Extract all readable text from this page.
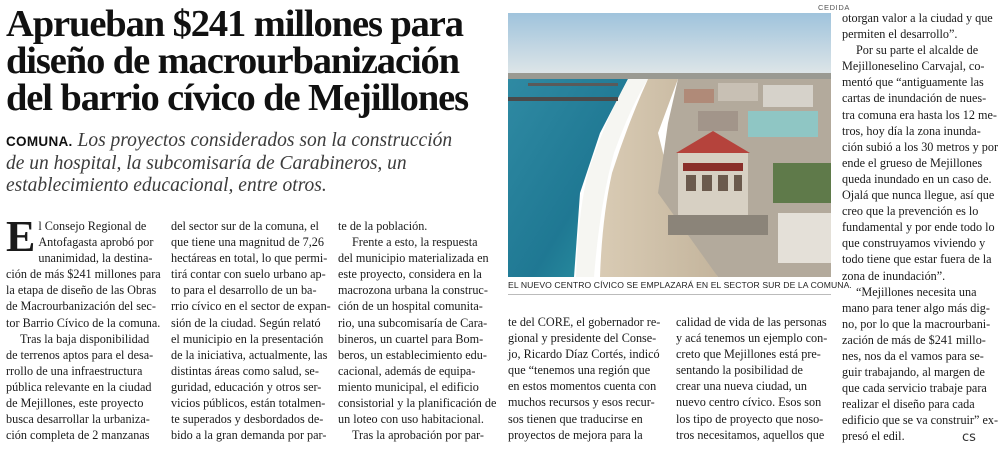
Aprueban $241 millones para
diseño de macrourbanización
del barrio cívico de Mejillones
COMUNA. Los proyectos considerados son la construcción
de un hospital, la subcomisaría de Carabineros, un
establecimiento educacional, entre otros.
CEDIDA
EL NUEVO CENTRO CÍVICO SE EMPLAZARÁ EN EL SECTOR SUR DE LA COMUNA.
E l Consejo Regional de

Antofagasta aprobó por

unanimidad, la destina-

ción de más $241 millones para

la etapa de diseño de las Obras

de Macrourbanización del sec-

tor Barrio Cívico de la comuna.

Tras la baja disponibilidad

de terrenos aptos para el desa-

rrollo de una infraestructura

pública relevante en la ciudad

de Mejillones, este proyecto

busca desarrollar la urbaniza-

ción completa de 2 manzanas

del sector sur de la comuna, el

que tiene una magnitud de 7,26

hectáreas en total, lo que permi-

tirá contar con suelo urbano ap-

to para el desarrollo de un ba-

rrio cívico en el sector de expan-

sión de la ciudad. Según relató

el municipio en la presentación

de la iniciativa, actualmente, las

distintas áreas como salud, se-

guridad, educación y otros ser-

vicios públicos, están totalmen-

te superados y desbordados de-

bido a la gran demanda por par-

te de la población.

Frente a esto, la respuesta

del municipio materializada en

este proyecto, considera en la

macrozona urbana la construc-

ción de un hospital comunita-

rio, una subcomisaría de Cara-

bineros, un cuartel para Bom-

beros, un establecimiento edu-

cacional, además de equipa-

miento municipal, el edificio

consistorial y la planificación de

un loteo con uso habitacional.

Tras la aprobación por par-

te del CORE, el gobernador re-

gional y presidente del Conse-

jo, Ricardo Díaz Cortés, indicó

que “tenemos una región que

en estos momentos cuenta con

muchos recursos y esos recur-

sos tienen que traducirse en

proyectos de mejora para la

calidad de vida de las personas

y acá tenemos un ejemplo con-

creto que Mejillones está pre-

sentando la posibilidad de

crear una nueva ciudad, un

nuevo centro cívico. Esos son

los tipo de proyecto que noso-

tros necesitamos, aquellos que

otorgan valor a la ciudad y que

permiten el desarrollo”.

Por su parte el alcalde de

Mejilloneselino Carvajal, co-

mentó que “antiguamente las

cartas de inundación de nues-

tra comuna era hasta los 12 me-

tros, hoy día la zona inunda-

ción subió a los 30 metros y por

ende el grueso de Mejillones

queda inundado en un caso de.

Ojalá que nunca llegue, así que

creo que la prevención es lo

fundamental y por ende todo lo

que construyamos viviendo y

todo tiene que estar fuera de la

zona de inundación”.

“Mejillones necesita una

mano para tener algo más dig-

no, por lo que la macrourbani-

zación de más de $241 millo-

nes, nos da el vamos para se-

guir trabajando, al margen de

que cada servicio trabaje para

realizar el diseño para cada

edificio que se va construir” ex-

presó el edil.	cs
